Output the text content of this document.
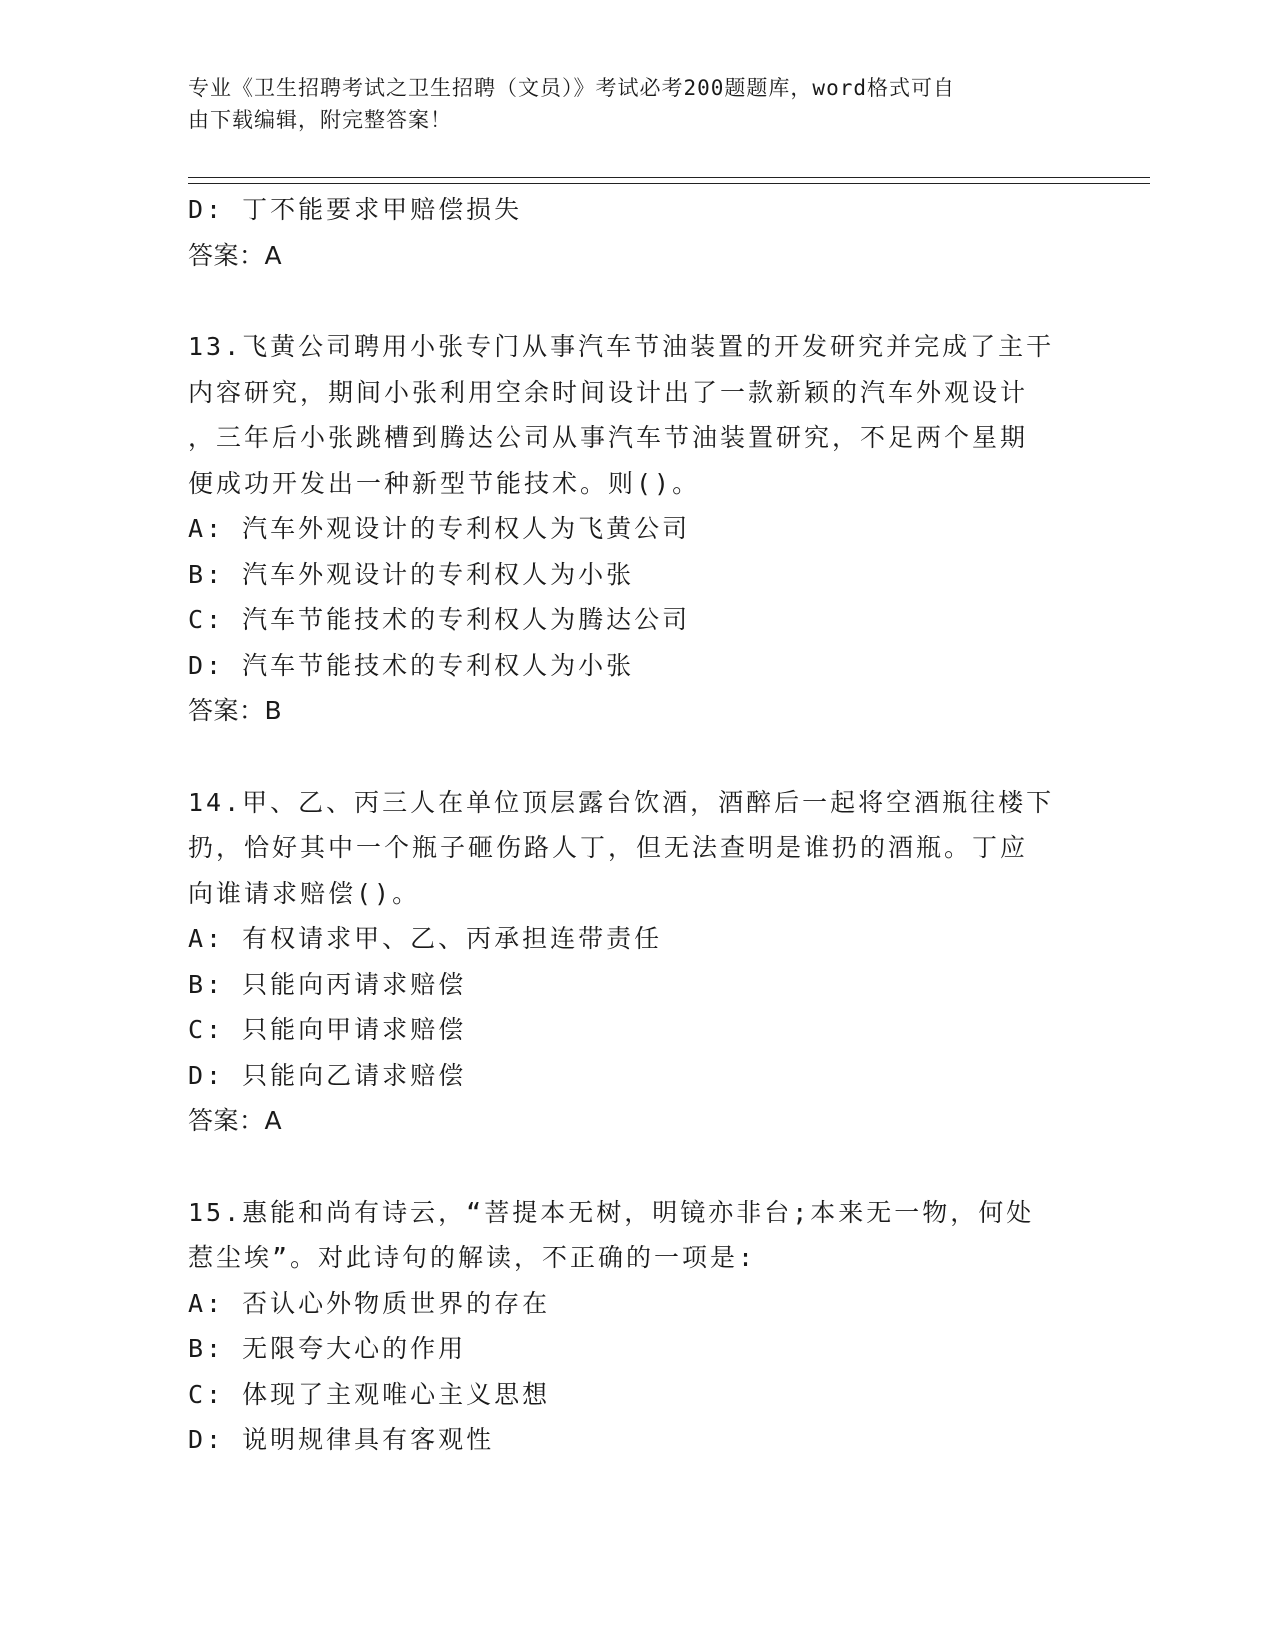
专业《卫生招聘考试之卫生招聘（文员）》考试必考200题题库，word格式可自
由下载编辑，附完整答案！
D: 丁不能要求甲赔偿损失
答案：A
13.飞黄公司聘用小张专门从事汽车节油装置的开发研究并完成了主干
内容研究，期间小张利用空余时间设计出了一款新颖的汽车外观设计
，三年后小张跳槽到腾达公司从事汽车节油装置研究，不足两个星期
便成功开发出一种新型节能技术。则()。
A: 汽车外观设计的专利权人为飞黄公司
B: 汽车外观设计的专利权人为小张
C: 汽车节能技术的专利权人为腾达公司
D: 汽车节能技术的专利权人为小张
答案：B
14.甲、乙、丙三人在单位顶层露台饮酒，酒醉后一起将空酒瓶往楼下
扔，恰好其中一个瓶子砸伤路人丁，但无法查明是谁扔的酒瓶。丁应
向谁请求赔偿()。
A: 有权请求甲、乙、丙承担连带责任
B: 只能向丙请求赔偿
C: 只能向甲请求赔偿
D: 只能向乙请求赔偿
答案：A
15.惠能和尚有诗云，“菩提本无树，明镜亦非台;本来无一物，何处
惹尘埃”。对此诗句的解读，不正确的一项是:
A: 否认心外物质世界的存在
B: 无限夸大心的作用
C: 体现了主观唯心主义思想
D: 说明规律具有客观性
